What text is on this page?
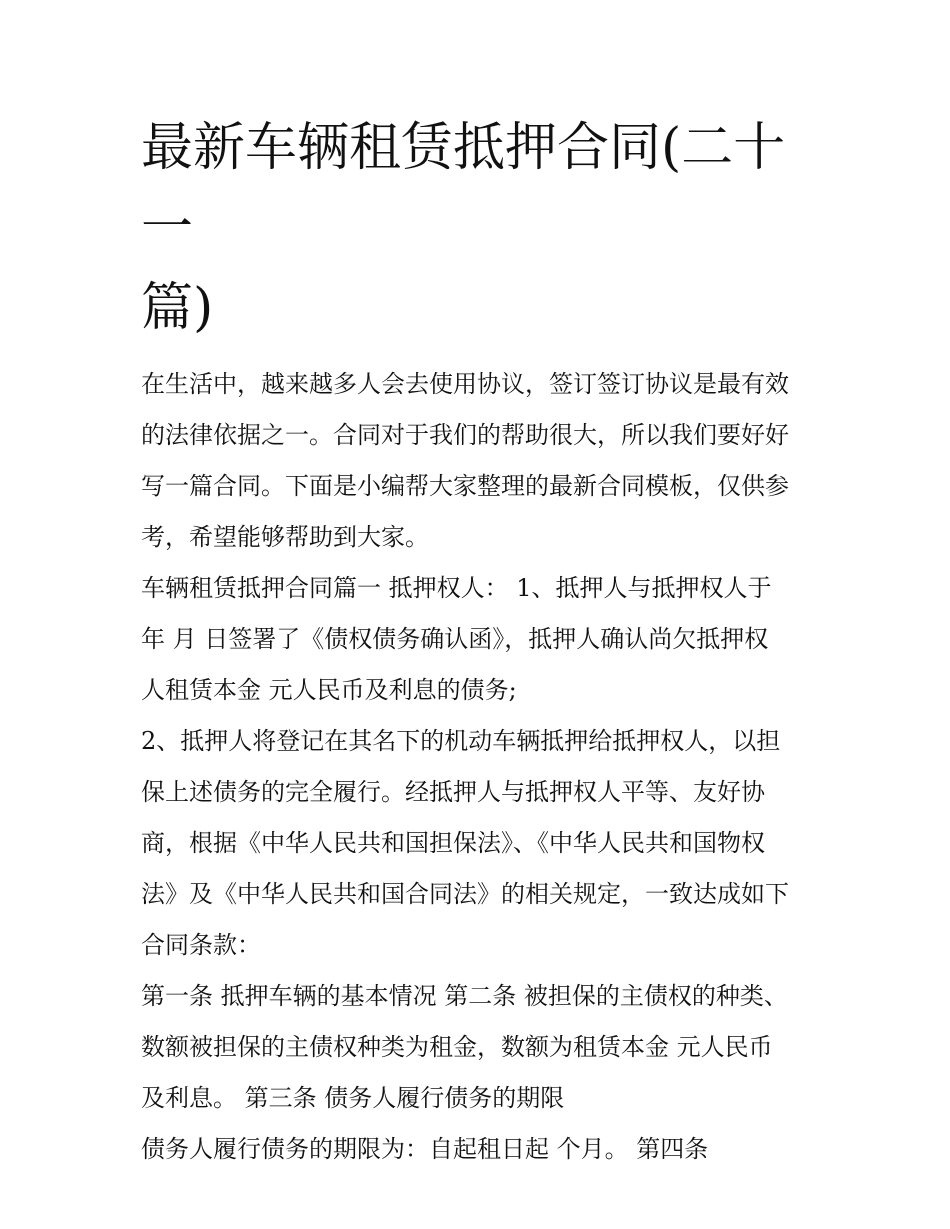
最新车辆租赁抵押合同(二十一
篇)
在生活中，越来越多人会去使用协议，签订签订协议是最有效
的法律依据之一。合同对于我们的帮助很大，所以我们要好好
写一篇合同。下面是小编帮大家整理的最新合同模板，仅供参
考，希望能够帮助到大家。
车辆租赁抵押合同篇一 抵押权人： 1、抵押人与抵押权人于
年 月 日签署了《债权债务确认函》，抵押人确认尚欠抵押权
人租赁本金 元人民币及利息的债务;
2、抵押人将登记在其名下的机动车辆抵押给抵押权人，以担
保上述债务的完全履行。经抵押人与抵押权人平等、友好协
商，根据《中华人民共和国担保法》、《中华人民共和国物权
法》及《中华人民共和国合同法》的相关规定，一致达成如下
合同条款：
第一条 抵押车辆的基本情况 第二条 被担保的主债权的种类、
数额被担保的主债权种类为租金，数额为租赁本金 元人民币
及利息。 第三条 债务人履行债务的期限
债务人履行债务的期限为：自起租日起 个月。 第四条
